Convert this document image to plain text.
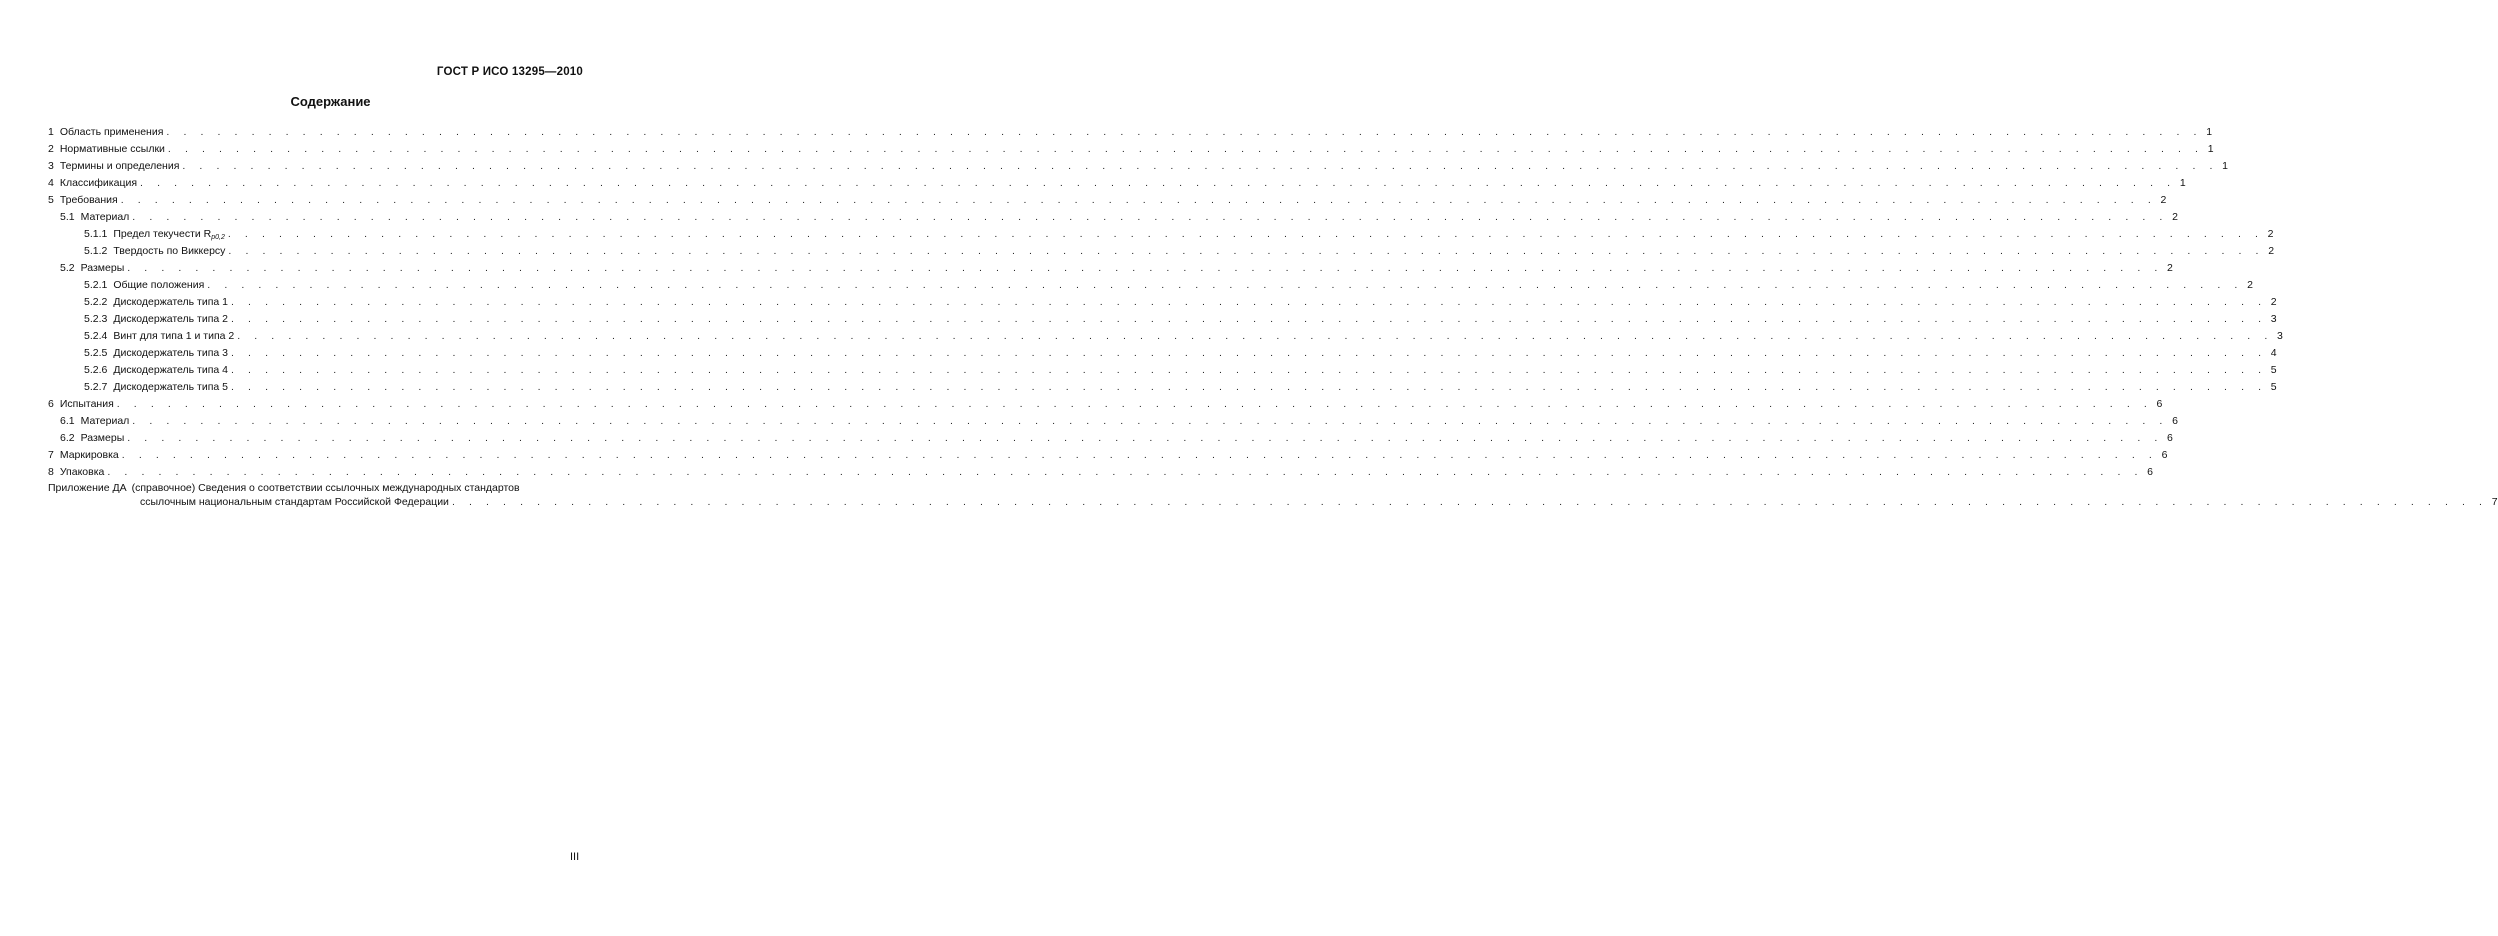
ГОСТ Р ИСО 13295—2010
Содержание
1 Область применения . . . . . . . . . . . . . . . . . . . . . . . . . . . . . . . . . . . . . . . . . . . . . . . . . . . . . . . . . . . . . . . . . . . . . . . . . . . . . . . . . . . . . . . . . . . . . . . . . . . . . . . . . . . . . . . . . . . . . . . . 1
2 Нормативные ссылки . . . . . . . . . . . . . . . . . . . . . . . . . . . . . . . . . . . . . . . . . . . . . . . . . . . . . . . . . . . . . . . . . . . . . . . . . . . . . . . . . . . . . . . . . . . . . . . . . . . . . . . . . . . . . . . . . . . . . . . . 1
3 Термины и определения . . . . . . . . . . . . . . . . . . . . . . . . . . . . . . . . . . . . . . . . . . . . . . . . . . . . . . . . . . . . . . . . . . . . . . . . . . . . . . . . . . . . . . . . . . . . . . . . . . . . . . . . . . . . . . . . . . . . . . . . 1
4 Классификация . . . . . . . . . . . . . . . . . . . . . . . . . . . . . . . . . . . . . . . . . . . . . . . . . . . . . . . . . . . . . . . . . . . . . . . . . . . . . . . . . . . . . . . . . . . . . . . . . . . . . . . . . . . . . . . . . . . . . . . . 1
5 Требования . . . . . . . . . . . . . . . . . . . . . . . . . . . . . . . . . . . . . . . . . . . . . . . . . . . . . . . . . . . . . . . . . . . . . . . . . . . . . . . . . . . . . . . . . . . . . . . . . . . . . . . . . . . . . . . . . . . . . . . . 2
5.1 Материал . . . . . . . . . . . . . . . . . . . . . . . . . . . . . . . . . . . . . . . . . . . . . . . . . . . . . . . . . . . . . . . . . . . . . . . . . . . . . . . . . . . . . . . . . . . . . . . . . . . . . . . . . . . . . . . . . . . . . . . . 2
5.1.1 Предел текучести $R_{p0,2}$ . . . . . . . . . . . . . . . . . . . . . . . . . . . . . . . . . . . . . . . . . . . . . . . . . . . . . . . . . . . . . . . . . . . . . . . . . . . . . . . . . . . . . . . . . . . . . . . . . . . . . . . . . . . . . . . . . . . . . . . . 2
5.1.2 Твердость по Виккерсу . . . . . . . . . . . . . . . . . . . . . . . . . . . . . . . . . . . . . . . . . . . . . . . . . . . . . . . . . . . . . . . . . . . . . . . . . . . . . . . . . . . . . . . . . . . . . . . . . . . . . . . . . . . . . . . . . . . . . . . . 2
5.2 Размеры . . . . . . . . . . . . . . . . . . . . . . . . . . . . . . . . . . . . . . . . . . . . . . . . . . . . . . . . . . . . . . . . . . . . . . . . . . . . . . . . . . . . . . . . . . . . . . . . . . . . . . . . . . . . . . . . . . . . . . . . 2
5.2.1 Общие положения . . . . . . . . . . . . . . . . . . . . . . . . . . . . . . . . . . . . . . . . . . . . . . . . . . . . . . . . . . . . . . . . . . . . . . . . . . . . . . . . . . . . . . . . . . . . . . . . . . . . . . . . . . . . . . . . . . . . . . . . 2
5.2.2 Дискодержатель типа 1 . . . . . . . . . . . . . . . . . . . . . . . . . . . . . . . . . . . . . . . . . . . . . . . . . . . . . . . . . . . . . . . . . . . . . . . . . . . . . . . . . . . . . . . . . . . . . . . . . . . . . . . . . . . . . . . . . . . . . . . . 2
5.2.3 Дискодержатель типа 2 . . . . . . . . . . . . . . . . . . . . . . . . . . . . . . . . . . . . . . . . . . . . . . . . . . . . . . . . . . . . . . . . . . . . . . . . . . . . . . . . . . . . . . . . . . . . . . . . . . . . . . . . . . . . . . . . . . . . . . . . 3
5.2.4 Винт для типа 1 и типа 2 . . . . . . . . . . . . . . . . . . . . . . . . . . . . . . . . . . . . . . . . . . . . . . . . . . . . . . . . . . . . . . . . . . . . . . . . . . . . . . . . . . . . . . . . . . . . . . . . . . . . . . . . . . . . . . . . . . . . . . . . 3
5.2.5 Дискодержатель типа 3 . . . . . . . . . . . . . . . . . . . . . . . . . . . . . . . . . . . . . . . . . . . . . . . . . . . . . . . . . . . . . . . . . . . . . . . . . . . . . . . . . . . . . . . . . . . . . . . . . . . . . . . . . . . . . . . . . . . . . . . . 4
5.2.6 Дискодержатель типа 4 . . . . . . . . . . . . . . . . . . . . . . . . . . . . . . . . . . . . . . . . . . . . . . . . . . . . . . . . . . . . . . . . . . . . . . . . . . . . . . . . . . . . . . . . . . . . . . . . . . . . . . . . . . . . . . . . . . . . . . . . 5
5.2.7 Дискодержатель типа 5 . . . . . . . . . . . . . . . . . . . . . . . . . . . . . . . . . . . . . . . . . . . . . . . . . . . . . . . . . . . . . . . . . . . . . . . . . . . . . . . . . . . . . . . . . . . . . . . . . . . . . . . . . . . . . . . . . . . . . . . . 5
6 Испытания . . . . . . . . . . . . . . . . . . . . . . . . . . . . . . . . . . . . . . . . . . . . . . . . . . . . . . . . . . . . . . . . . . . . . . . . . . . . . . . . . . . . . . . . . . . . . . . . . . . . . . . . . . . . . . . . . . . . . . . . 6
6.1 Материал . . . . . . . . . . . . . . . . . . . . . . . . . . . . . . . . . . . . . . . . . . . . . . . . . . . . . . . . . . . . . . . . . . . . . . . . . . . . . . . . . . . . . . . . . . . . . . . . . . . . . . . . . . . . . . . . . . . . . . . . 6
6.2 Размеры . . . . . . . . . . . . . . . . . . . . . . . . . . . . . . . . . . . . . . . . . . . . . . . . . . . . . . . . . . . . . . . . . . . . . . . . . . . . . . . . . . . . . . . . . . . . . . . . . . . . . . . . . . . . . . . . . . . . . . . . 6
7 Маркировка . . . . . . . . . . . . . . . . . . . . . . . . . . . . . . . . . . . . . . . . . . . . . . . . . . . . . . . . . . . . . . . . . . . . . . . . . . . . . . . . . . . . . . . . . . . . . . . . . . . . . . . . . . . . . . . . . . . . . . . . 6
8 Упаковка . . . . . . . . . . . . . . . . . . . . . . . . . . . . . . . . . . . . . . . . . . . . . . . . . . . . . . . . . . . . . . . . . . . . . . . . . . . . . . . . . . . . . . . . . . . . . . . . . . . . . . . . . . . . . . . . . . . . . . . . 6
Приложение ДА (справочное) Сведения о соответствии ссылочных международных стандартов
ссылочным национальным стандартам Российской Федерации . . . . . . . . . . . . . . . . . . . . . . . . . . . . . . . . . . . . . . . . . . . . . . . . . . . . . . . . . . . . . . . . . . . . . . . . . . . . . . . . . . . . . . . . . . . . . . . . . . . . . . . . . . . . . . . . . . . . . . . . 7
III
